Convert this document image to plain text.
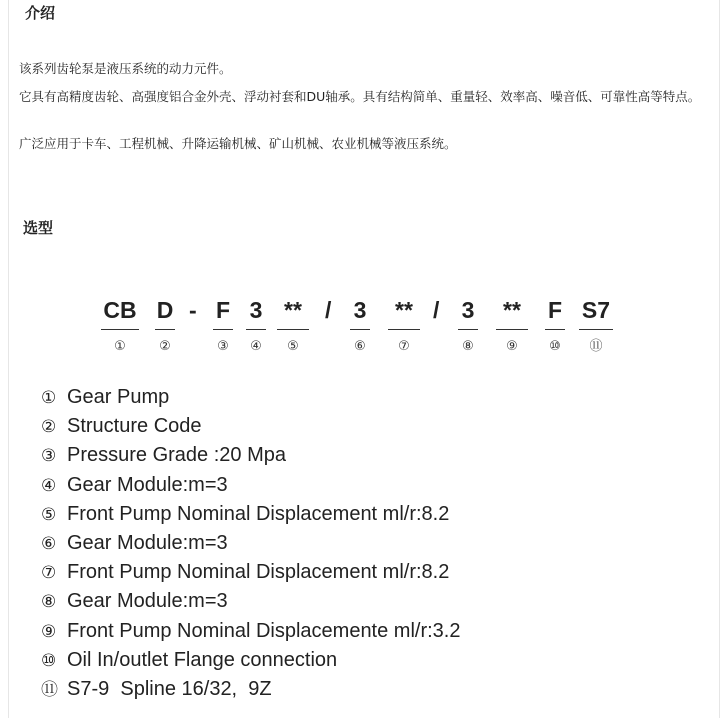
介绍

该系列齿轮泵是液压系统的动力元件。

它具有高精度齿轮、高强度铝合金外壳、浮动衬套和DU轴承。具有结构简单、重量轻、效率高、噪音低、可靠性高等特点。

广泛应用于卡车、工程机械、升降运输机械、矿山机械、农业机械等液压系统。

选型
CB
①
D
②
- F
③
3
④
**
⑤
/ 3
⑥
**
⑦
/ 3
⑧
**
⑨
F
⑩
S7
⑪
① Gear Pump
② Structure Code
③ Pressure Grade :20 Mpa
④ Gear Module:m=3
⑤ Front Pump Nominal Displacement ml/r:8.2
⑥ Gear Module:m=3
⑦ Front Pump Nominal Displacement ml/r:8.2
⑧ Gear Module:m=3
⑨ Front Pump Nominal Displacemente ml/r:3.2
⑩ Oil In/outlet Flange connection
⑪ S7-9  Spline 16/32,  9Z
